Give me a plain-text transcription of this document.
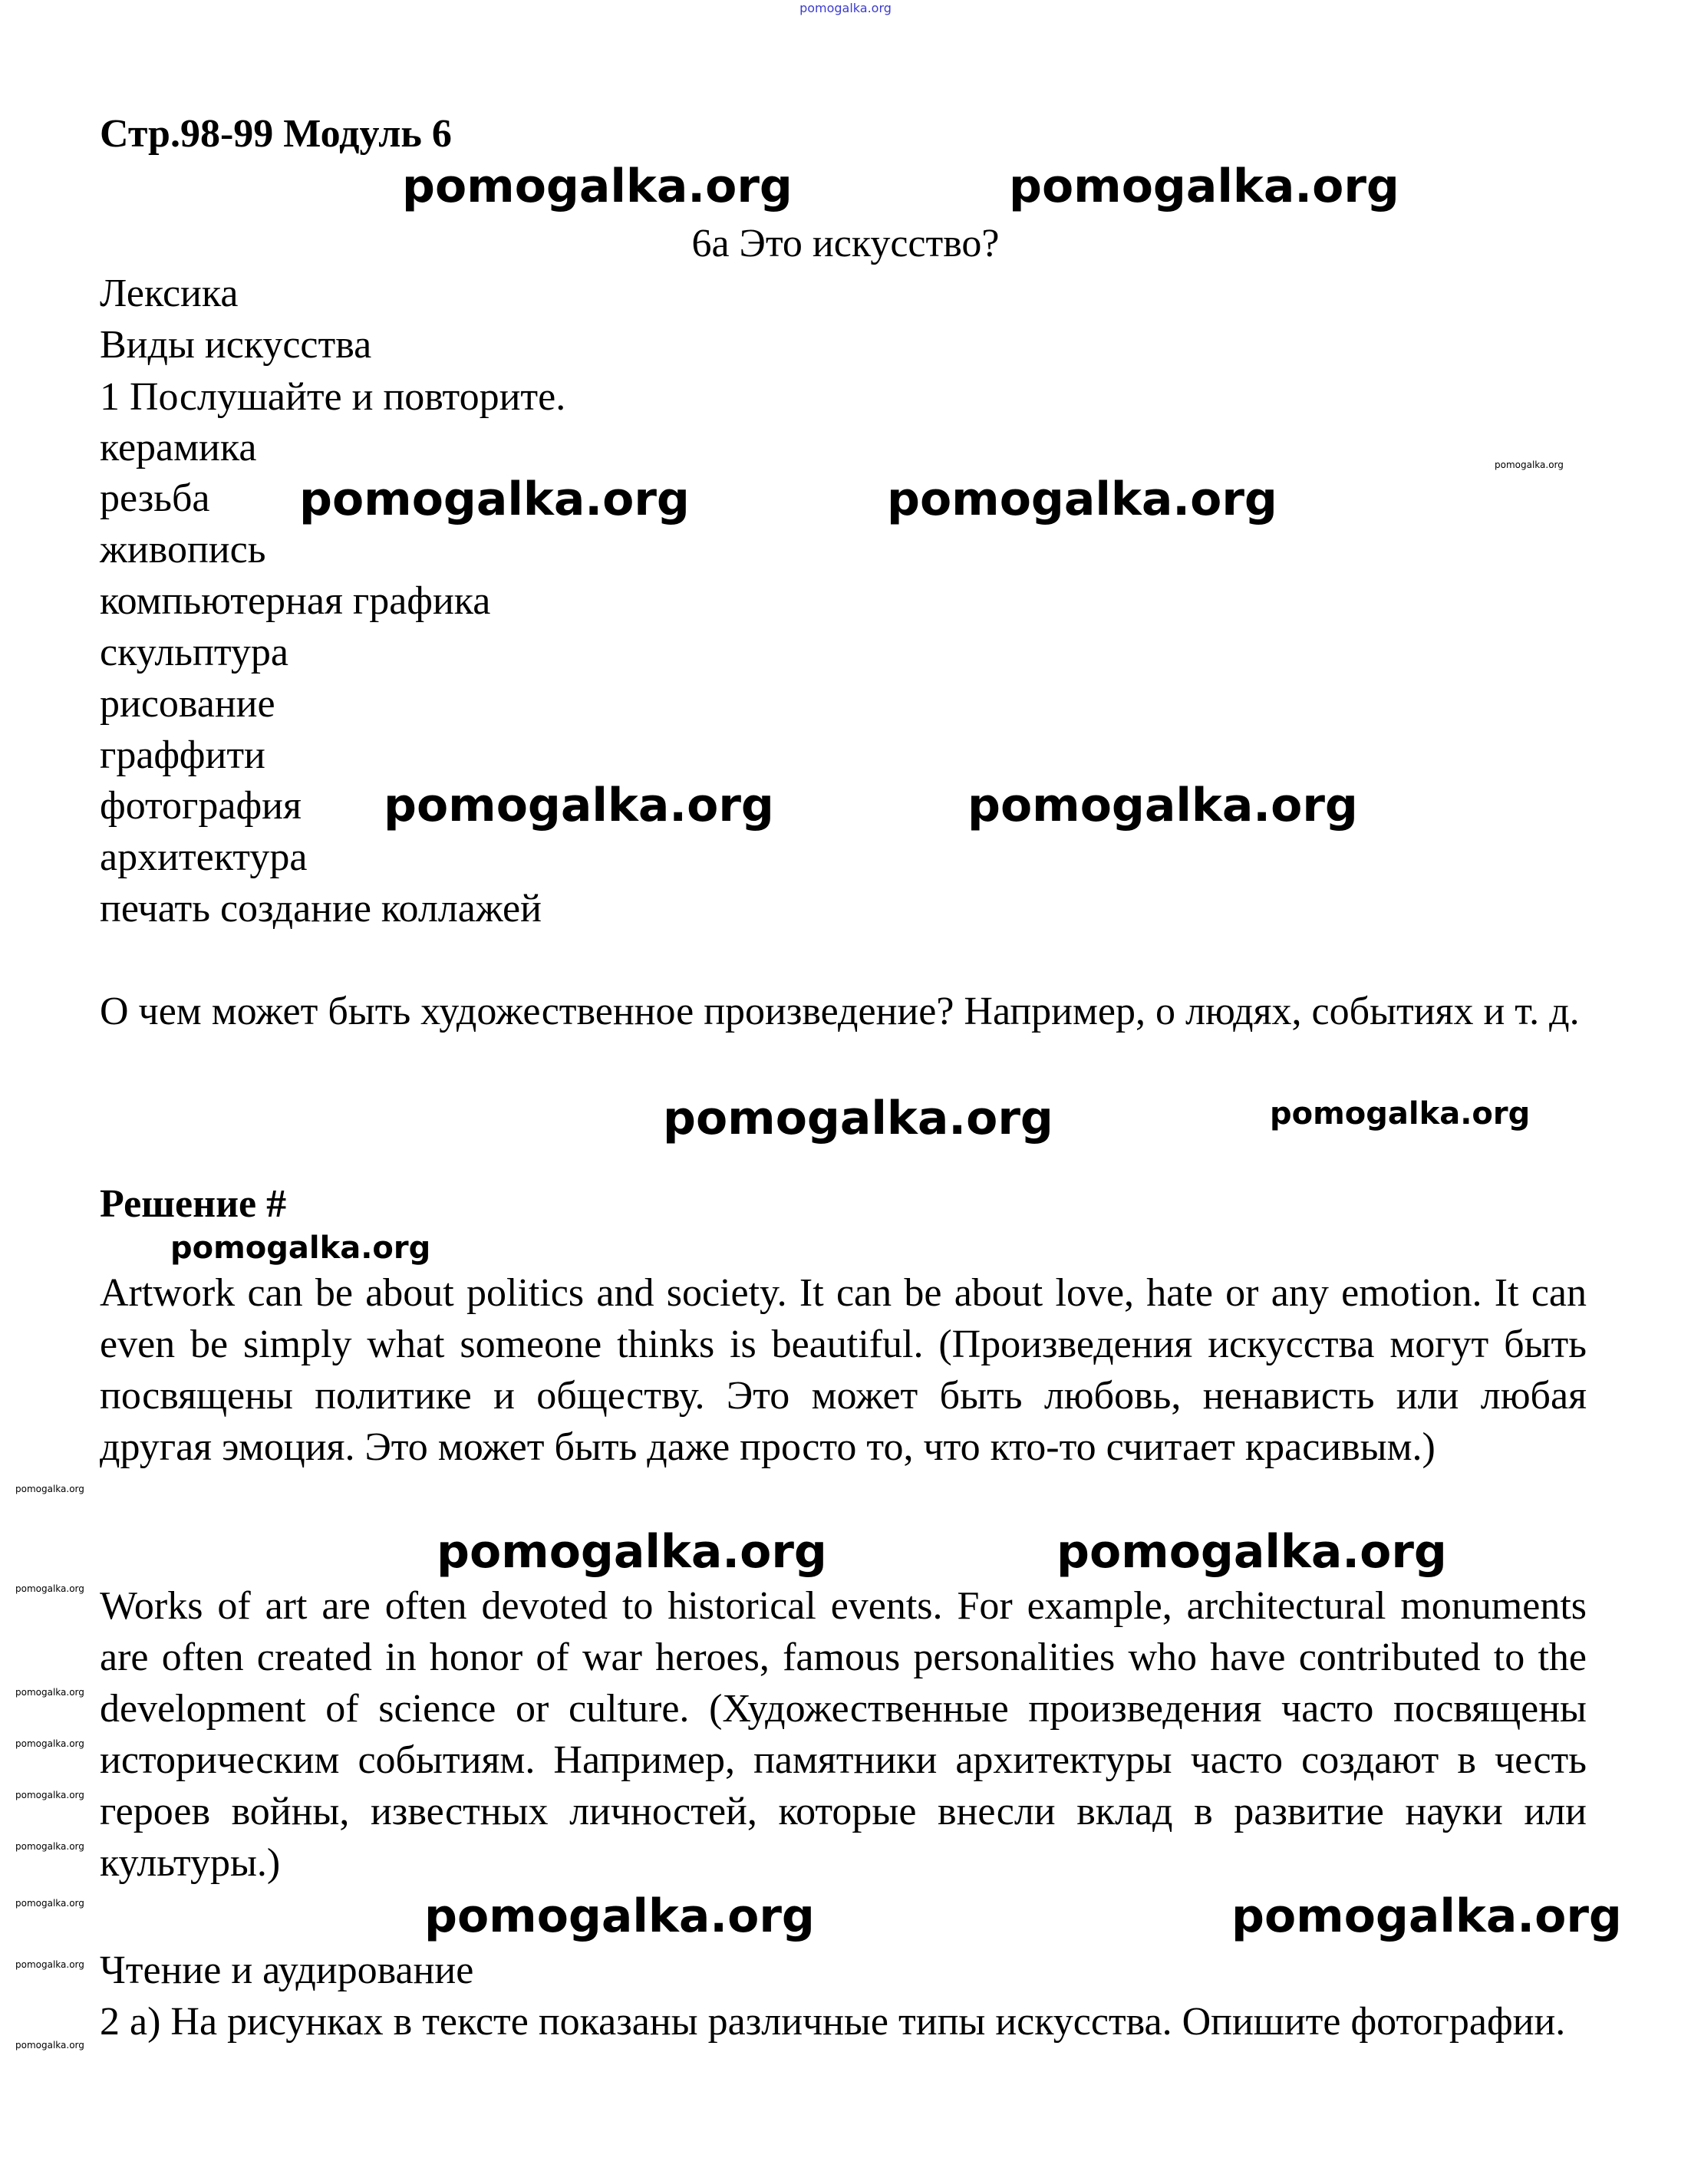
pomogalka.org
Стр.98-99 Модуль 6
pomogalka.org	pomogalka.org
6a Это искусство?
Лексика
Виды искусства
1 Послушайте и повторите.
керамика
резьба pomogalka.org	pomogalka.org
pomogalka.org
живопись
компьютерная графика
скульптура
рисование
граффити
фотография pomogalka.org	pomogalka.org
архитектура
печать создание коллажей
О чем может быть художественное произведение? Например, о людях, событиях и т. д.
pomogalka.org	pomogalka.org
Решение #
pomogalka.org
Artwork can be about politics and society. It can be about love, hate or any emotion. It can even be simply what someone thinks is beautiful. (Произведения искусства могут быть посвящены политике и обществу. Это может быть любовь, ненависть или любая другая эмоция. Это может быть даже просто то, что кто-то считает красивым.)
pomogalka.org
pomogalka.org
pomogalka.org
pomogalka.org Works of art are often devoted to historical events. For example, architectural monuments are often created in honor of war heroes, famous personalities who have contributed to the development of science or culture. (Художественные произведения часто посвящены историческим событиям. Например, памятники архитектуры часто создают в честь героев войны, известных личностей, которые внесли вклад в развитие науки или культуры.)
pomogalka.org
pomogalka.org
pomogalka.org
pomogalka.org
pomogalka.org	pomogalka.org	pomogalka.org
Чтение и аудирование
pomogalka.org
2 а) На рисунках в тексте показаны различные типы искусства. Опишите фотографии.
pomogalka.org
